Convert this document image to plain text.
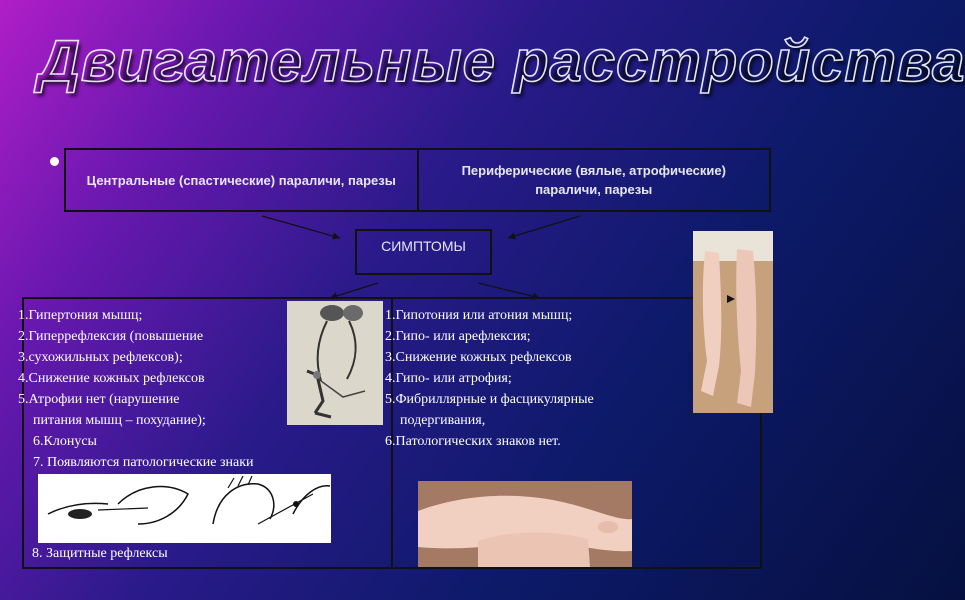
Двигательные расстройства
Центральные (спастические) параличи, парезы
Периферические (вялые, атрофические) параличи, парезы
СИМПТОМЫ
1.Гипертония мышц;
2.Гиперрефлексия (повышение
3.сухожильных рефлексов);
4.Снижение кожных рефлексов
5.Атрофии нет (нарушение
питания мышц – похудание);
6.Клонусы
7. Появляются патологические знаки
1.Гипотония или атония мышц;
2.Гипо- или арефлексия;
3.Снижение кожных рефлексов
4.Гипо- или атрофия;
5.Фибриллярные и фасцикулярные
подергивания,
6.Патологических знаков нет.
8. Защитные рефлексы
